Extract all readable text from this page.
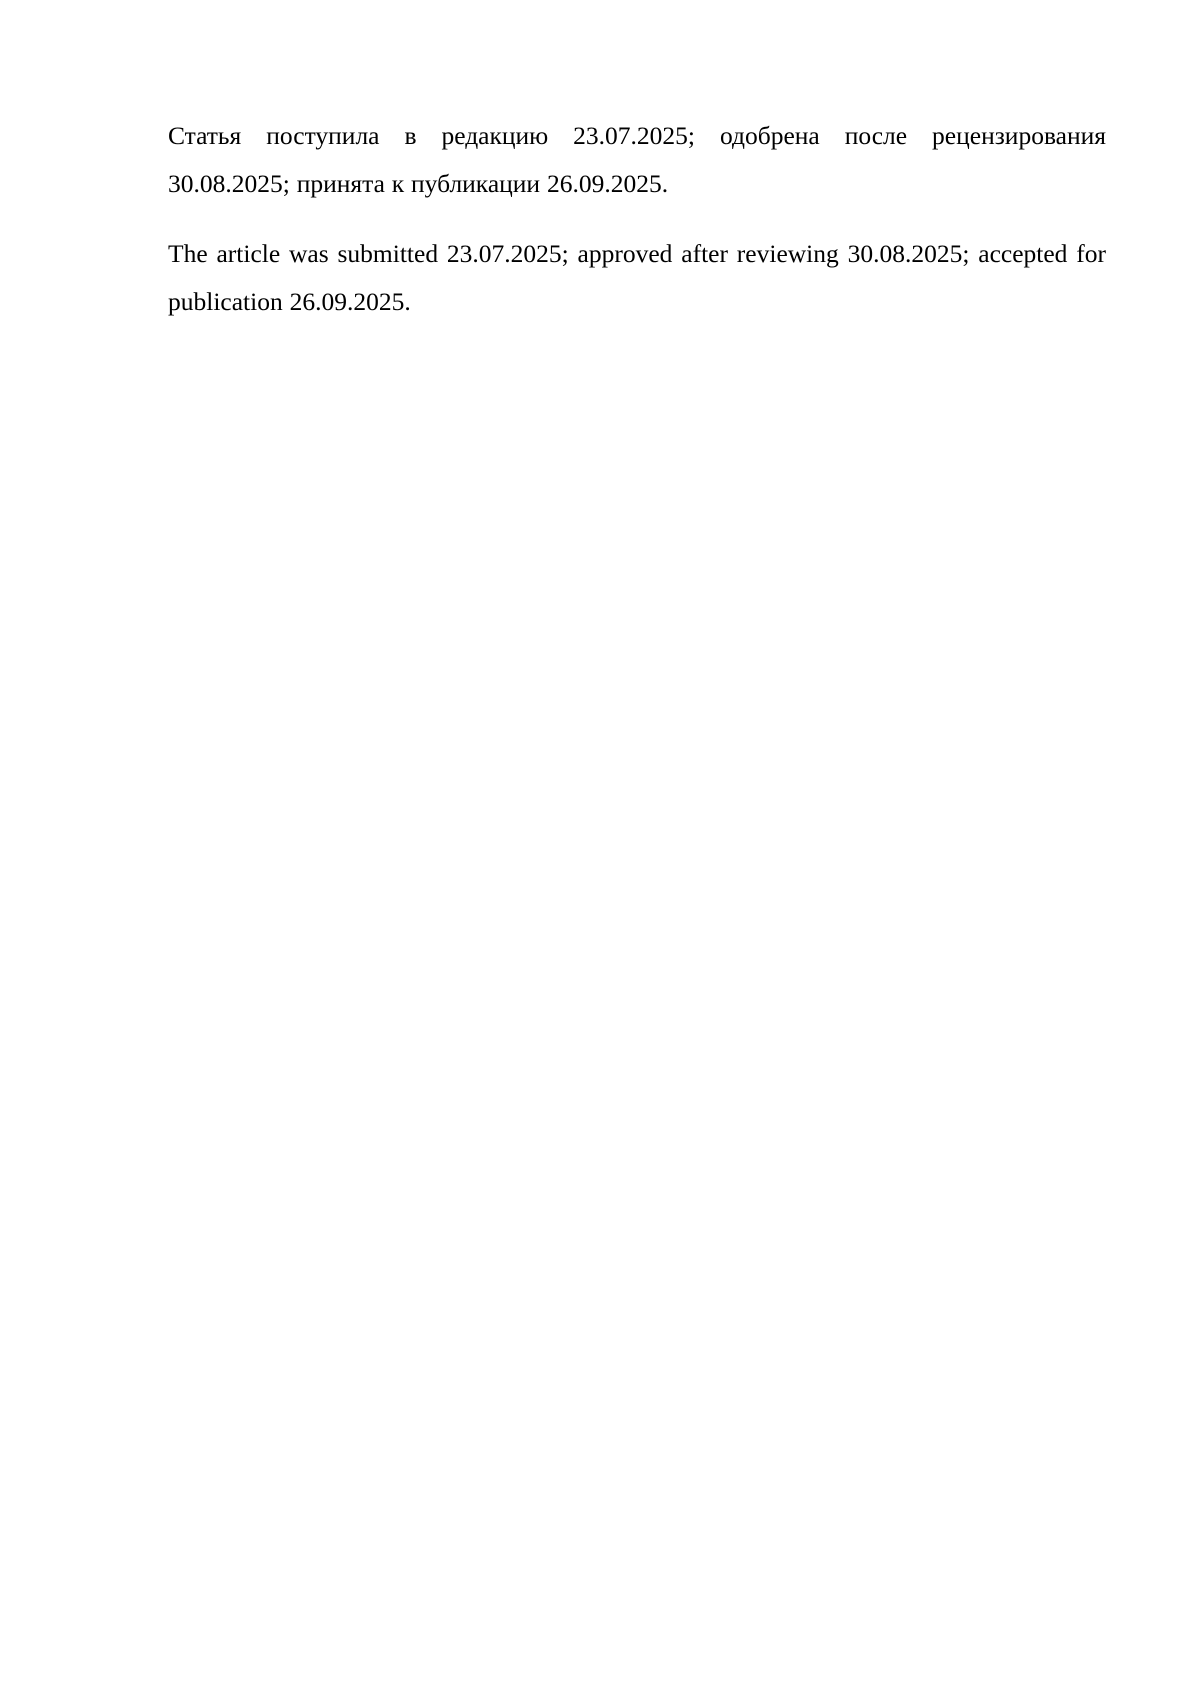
Статья поступила в редакцию 23.07.2025; одобрена после рецензирования 30.08.2025; принята к публикации 26.09.2025.

The article was submitted 23.07.2025; approved after reviewing 30.08.2025; accepted for publication 26.09.2025.
